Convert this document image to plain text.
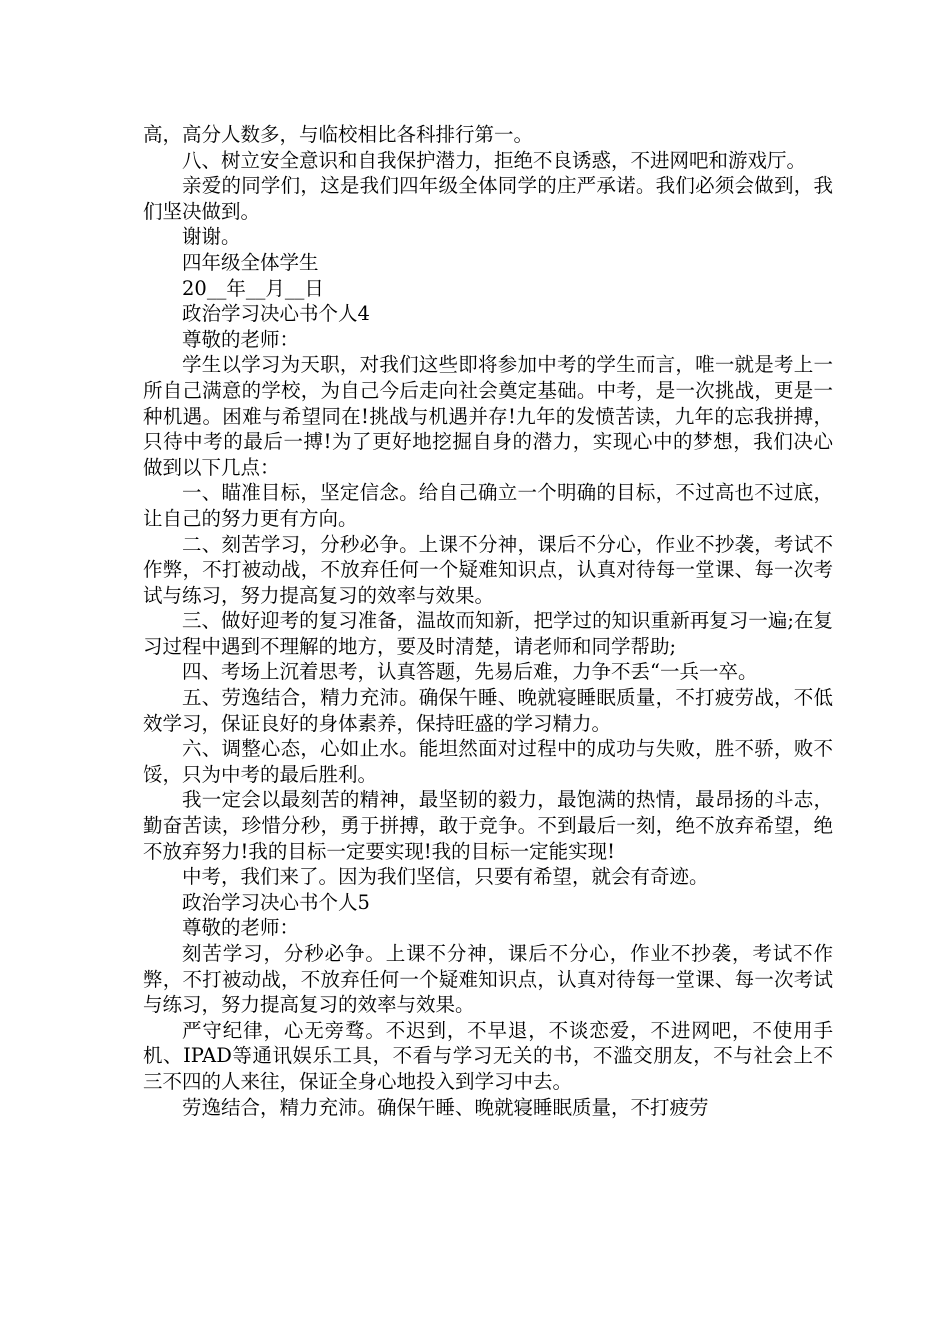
高，高分人数多，与临校相比各科排行第一。

八、树立安全意识和自我保护潜力，拒绝不良诱惑，不进网吧和游戏厅。

亲爱的同学们，这是我们四年级全体同学的庄严承诺。我们必须会做到，我们坚决做到。

谢谢。

四年级全体学生

20__年__月__日

政治学习决心书个人4

尊敬的老师：

学生以学习为天职，对我们这些即将参加中考的学生而言，唯一就是考上一所自己满意的学校，为自己今后走向社会奠定基础。中考，是一次挑战，更是一种机遇。困难与希望同在!挑战与机遇并存!九年的发愤苦读，九年的忘我拼搏，只待中考的最后一搏!为了更好地挖掘自身的潜力，实现心中的梦想，我们决心做到以下几点：

一、瞄准目标，坚定信念。给自己确立一个明确的目标，不过高也不过底，让自己的努力更有方向。

二、刻苦学习，分秒必争。上课不分神，课后不分心，作业不抄袭，考试不作弊，不打被动战，不放弃任何一个疑难知识点，认真对待每一堂课、每一次考试与练习，努力提高复习的效率与效果。

三、做好迎考的复习准备，温故而知新，把学过的知识重新再复习一遍;在复习过程中遇到不理解的地方，要及时清楚，请老师和同学帮助;

四、考场上沉着思考，认真答题，先易后难，力争不丢“一兵一卒。

五、劳逸结合，精力充沛。确保午睡、晚就寝睡眠质量，不打疲劳战，不低效学习，保证良好的身体素养，保持旺盛的学习精力。

六、调整心态，心如止水。能坦然面对过程中的成功与失败，胜不骄，败不馁，只为中考的最后胜利。

我一定会以最刻苦的精神，最坚韧的毅力，最饱满的热情，最昂扬的斗志，勤奋苦读，珍惜分秒，勇于拼搏，敢于竞争。不到最后一刻，绝不放弃希望，绝不放弃努力!我的目标一定要实现!我的目标一定能实现!

中考，我们来了。因为我们坚信，只要有希望，就会有奇迹。

政治学习决心书个人5

尊敬的老师：

刻苦学习，分秒必争。上课不分神，课后不分心，作业不抄袭，考试不作弊，不打被动战，不放弃任何一个疑难知识点，认真对待每一堂课、每一次考试与练习，努力提高复习的效率与效果。

严守纪律，心无旁骛。不迟到，不早退，不谈恋爱，不进网吧，不使用手机、IPAD等通讯娱乐工具，不看与学习无关的书，不滥交朋友，不与社会上不三不四的人来往，保证全身心地投入到学习中去。

劳逸结合，精力充沛。确保午睡、晚就寝睡眠质量，不打疲劳
